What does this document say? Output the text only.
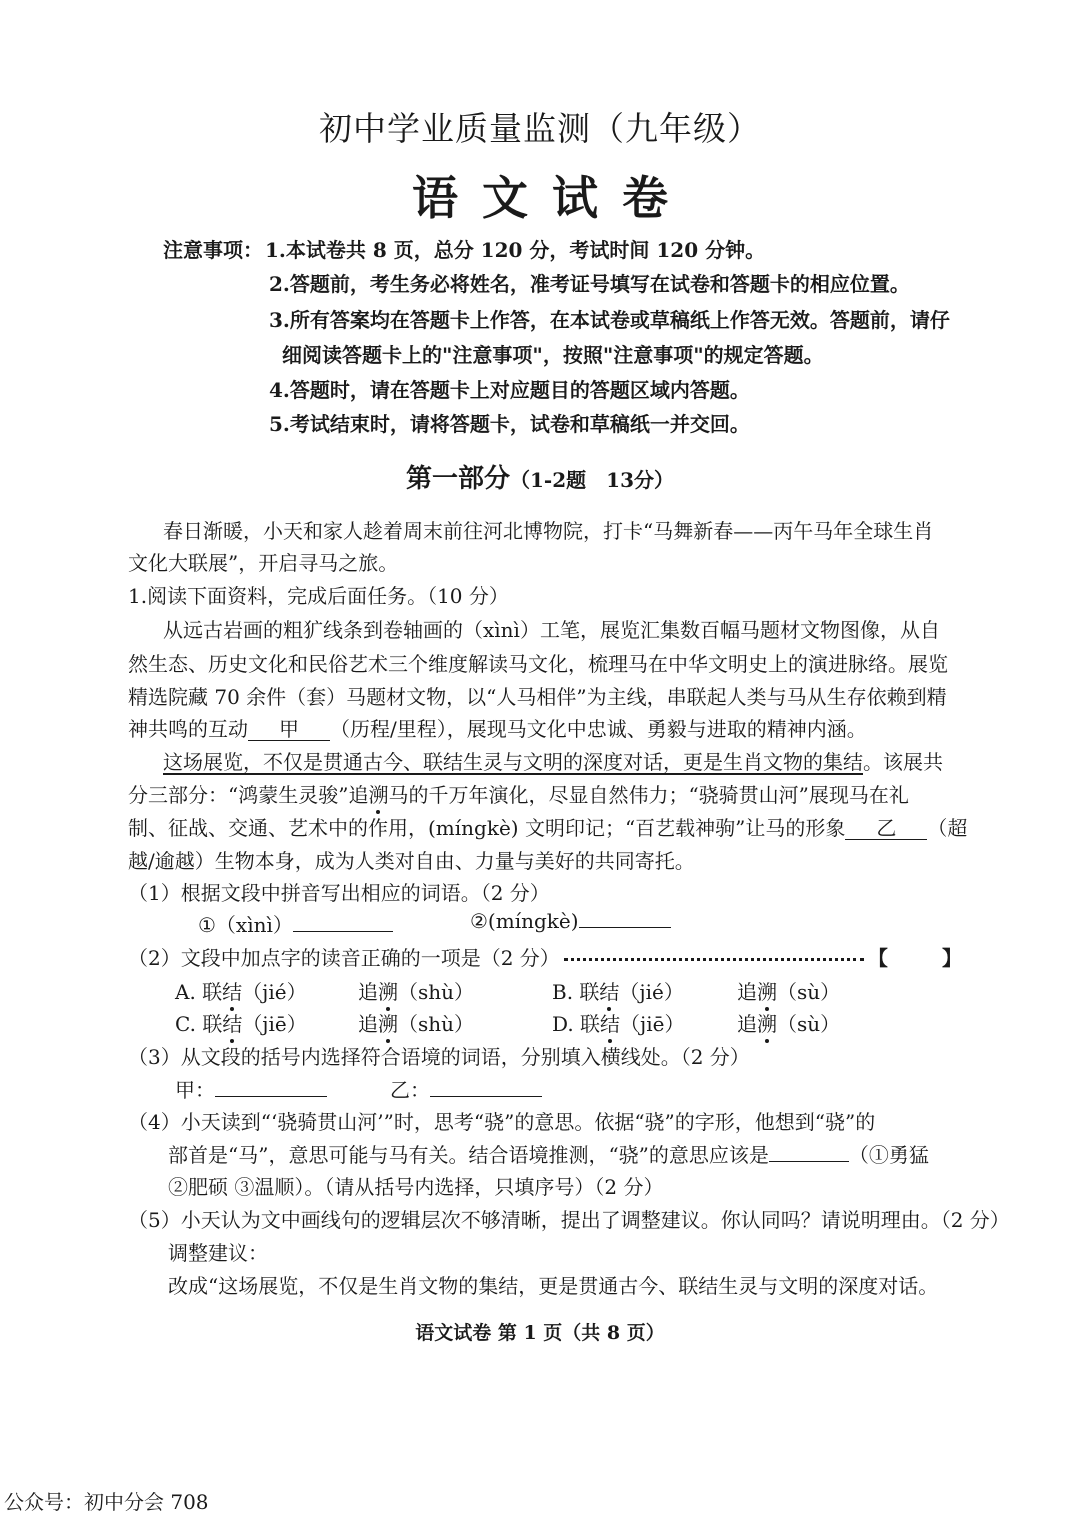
初中学业质量监测（九年级）
语文试卷
注意事项： 1.本试卷共 8 页，总分 120 分，考试时间 120 分钟。
2.答题前，考生务必将姓名，准考证号填写在试卷和答题卡的相应位置。
3.所有答案均在答题卡上作答，在本试卷或草稿纸上作答无效。答题前，请仔
细阅读答题卡上的"注意事项"，按照"注意事项"的规定答题。
4.答题时，请在答题卡上对应题目的答题区域内答题。
5.考试结束时，请将答题卡，试卷和草稿纸一并交回。
第一部分（1-2题　13分）
春日渐暖，小天和家人趁着周末前往河北博物院，打卡“马舞新春——丙午马年全球生肖
文化大联展”，开启寻马之旅。
1.阅读下面资料，完成后面任务。（10 分）
从远古岩画的粗犷线条到卷轴画的（xìnì）工笔，展览汇集数百幅马题材文物图像，从自
然生态、历史文化和民俗艺术三个维度解读马文化，梳理马在中华文明史上的演进脉络。展览
精选院藏 70 余件（套）马题材文物，以“人马相伴”为主线，串联起人类与马从生存依赖到精
神共鸣的互动 甲 （历程/里程），展现马文化中忠诚、勇毅与进取的精神内涵。
这场展览，不仅是贯通古今、联结生灵与文明的深度对话，更是生肖文物的集结。该展共
分三部分：“鸿蒙生灵骏”追溯马的千万年演化，尽显自然伟力；“骁骑贯山河”展现马在礼
制、征战、交通、艺术中的作用，(míngkè) 文明印记；“百艺载神驹”让马的形象 乙 （超
越/逾越）生物本身，成为人类对自由、力量与美好的共同寄托。
（1）根据文段中拼音写出相应的词语。（2 分）
①（xìnì）	②(míngkè)
（2）文段中加点字的读音正确的一项是（2 分）	【	】
A. 联结（jié）	追溯（shù）	B. 联结（jié）	追溯（sù）
C. 联结（jiē）	追溯（shù）	D. 联结（jiē）	追溯（sù）
（3）从文段的括号内选择符合语境的词语，分别填入横线处。（2 分）
甲：	乙：
（4）小天读到“‘骁骑贯山河’”时，思考“骁”的意思。依据“骁”的字形，他想到“骁”的
部首是“马”，意思可能与马有关。结合语境推测，“骁”的意思应该是	（①勇猛
②肥硕 ③温顺）。（请从括号内选择，只填序号）（2 分）
（5）小天认为文中画线句的逻辑层次不够清晰，提出了调整建议。你认同吗？请说明理由。（2 分）
调整建议：
改成“这场展览，不仅是生肖文物的集结，更是贯通古今、联结生灵与文明的深度对话。
语文试卷 第 1 页（共 8 页）
公众号：初中分会 708
